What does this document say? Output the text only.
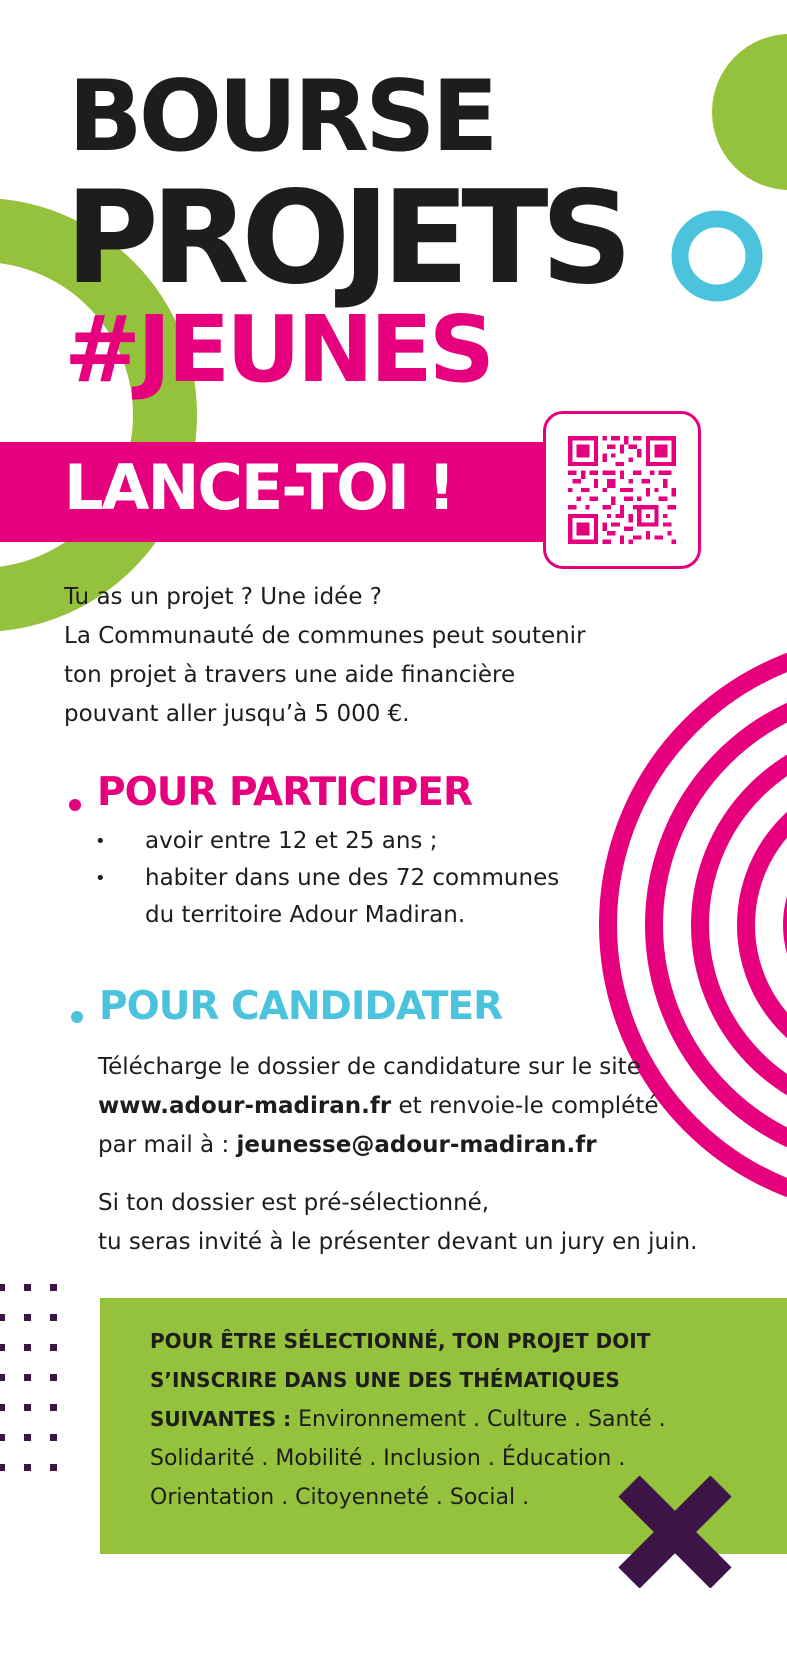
BOURSE
PROJETS
#JEUNES
LANCE-TOI !
Tu as un projet ? Une idée ?
La Communauté de communes peut soutenir
ton projet à travers une aide financière
pouvant aller jusqu’à 5 000 €.
POUR PARTICIPER
• avoir entre 12 et 25 ans ;
• habiter dans une des 72 communes
du territoire Adour Madiran.
POUR CANDIDATER
Télécharge le dossier de candidature sur le site
www.adour-madiran.fr et renvoie-le complété
par mail à : jeunesse@adour-madiran.fr
Si ton dossier est pré-sélectionné,
tu seras invité à le présenter devant un jury en juin.
POUR ÊTRE SÉLECTIONNÉ, TON PROJET DOIT
S’INSCRIRE DANS UNE DES THÉMATIQUES
SUIVANTES : Environnement . Culture . Santé .
Solidarité . Mobilité . Inclusion . Éducation .
Orientation . Citoyenneté . Social .
